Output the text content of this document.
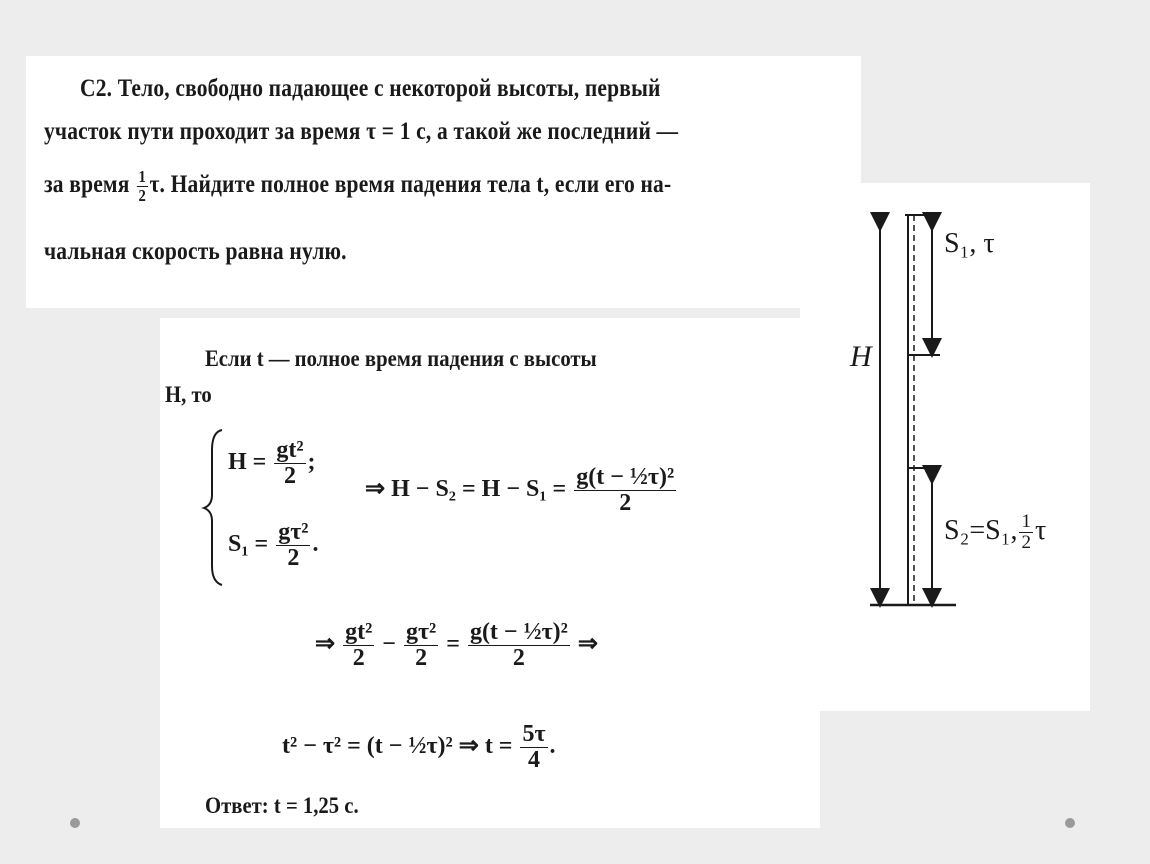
С2. Тело, свободно падающее с некоторой высоты, первый
участок пути проходит за время τ = 1 с, а такой же последний —
за время $\frac{1}{2} \tau$. Найдите полное время падения тела t, если его на-
чальная скорость равна нулю.
Если t — полное время падения с высоты
H, то
$H = \frac{\text{gt²}}{2}$ ;
$S_1 = \frac{\text{gτ²}}{2}$ .
⇒ $H - S_2 = H - S_1 = \frac{\text{g(t − ½τ)²}}{2}$
⇒ $\frac{\text{gt²}}{2} - \frac{\text{gτ²}}{2} = \frac{\text{g(t − ½τ)²}}{2}$ ⇒
t² − τ² = (t − ½τ)² ⇒ $t = \frac{5\tau}{4}$ .
Ответ: t = 1,25 с.
H
S₁, τ
S₂=S₁, $\frac{1}{2}$ τ
